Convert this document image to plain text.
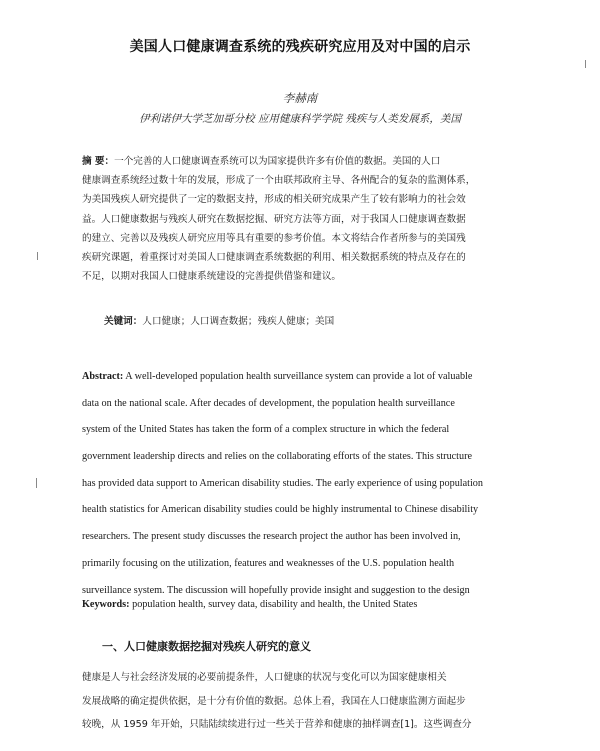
美国人口健康调查系统的残疾研究应用及对中国的启示
李赫南
伊利诺伊大学芝加哥分校 应用健康科学学院 残疾与人类发展系，美国
摘 要：一个完善的人口健康调查系统可以为国家提供许多有价值的数据。美国的人口
健康调查系统经过数十年的发展，形成了一个由联邦政府主导、各州配合的复杂的监测体系，
为美国残疾人研究提供了一定的数据支持，形成的相关研究成果产生了较有影响力的社会效
益。人口健康数据与残疾人研究在数据挖掘、研究方法等方面，对于我国人口健康调查数据
的建立、完善以及残疾人研究应用等具有重要的参考价值。本文将结合作者所参与的美国残
疾研究课题，着重探讨对美国人口健康调查系统数据的利用、相关数据系统的特点及存在的
不足，以期对我国人口健康系统建设的完善提供借鉴和建议。
关键词：人口健康；人口调查数据；残疾人健康；美国
Abstract: A well-developed population health surveillance system can provide a lot of valuable
data on the national scale. After decades of development, the population health surveillance
system of the United States has taken the form of a complex structure in which the federal
government leadership directs and relies on the collaborating efforts of the states. This structure
has provided data support to American disability studies. The early experience of using population
health statistics for American disability studies could be highly instrumental to Chinese disability
researchers. The present study discusses the research project the author has been involved in,
primarily focusing on the utilization, features and weaknesses of the U.S. population health
surveillance system. The discussion will hopefully provide insight and suggestion to the design
Keywords: population health, survey data, disability and health, the United States
一、人口健康数据挖掘对残疾人研究的意义
健康是人与社会经济发展的必要前提条件，人口健康的状况与变化可以为国家健康相关
发展战略的确定提供依据，是十分有价值的数据。总体上看，我国在人口健康监测方面起步
较晚，从 1959 年开始，只陆陆续续进行过一些关于营养和健康的抽样调查[1]。这些调查分
